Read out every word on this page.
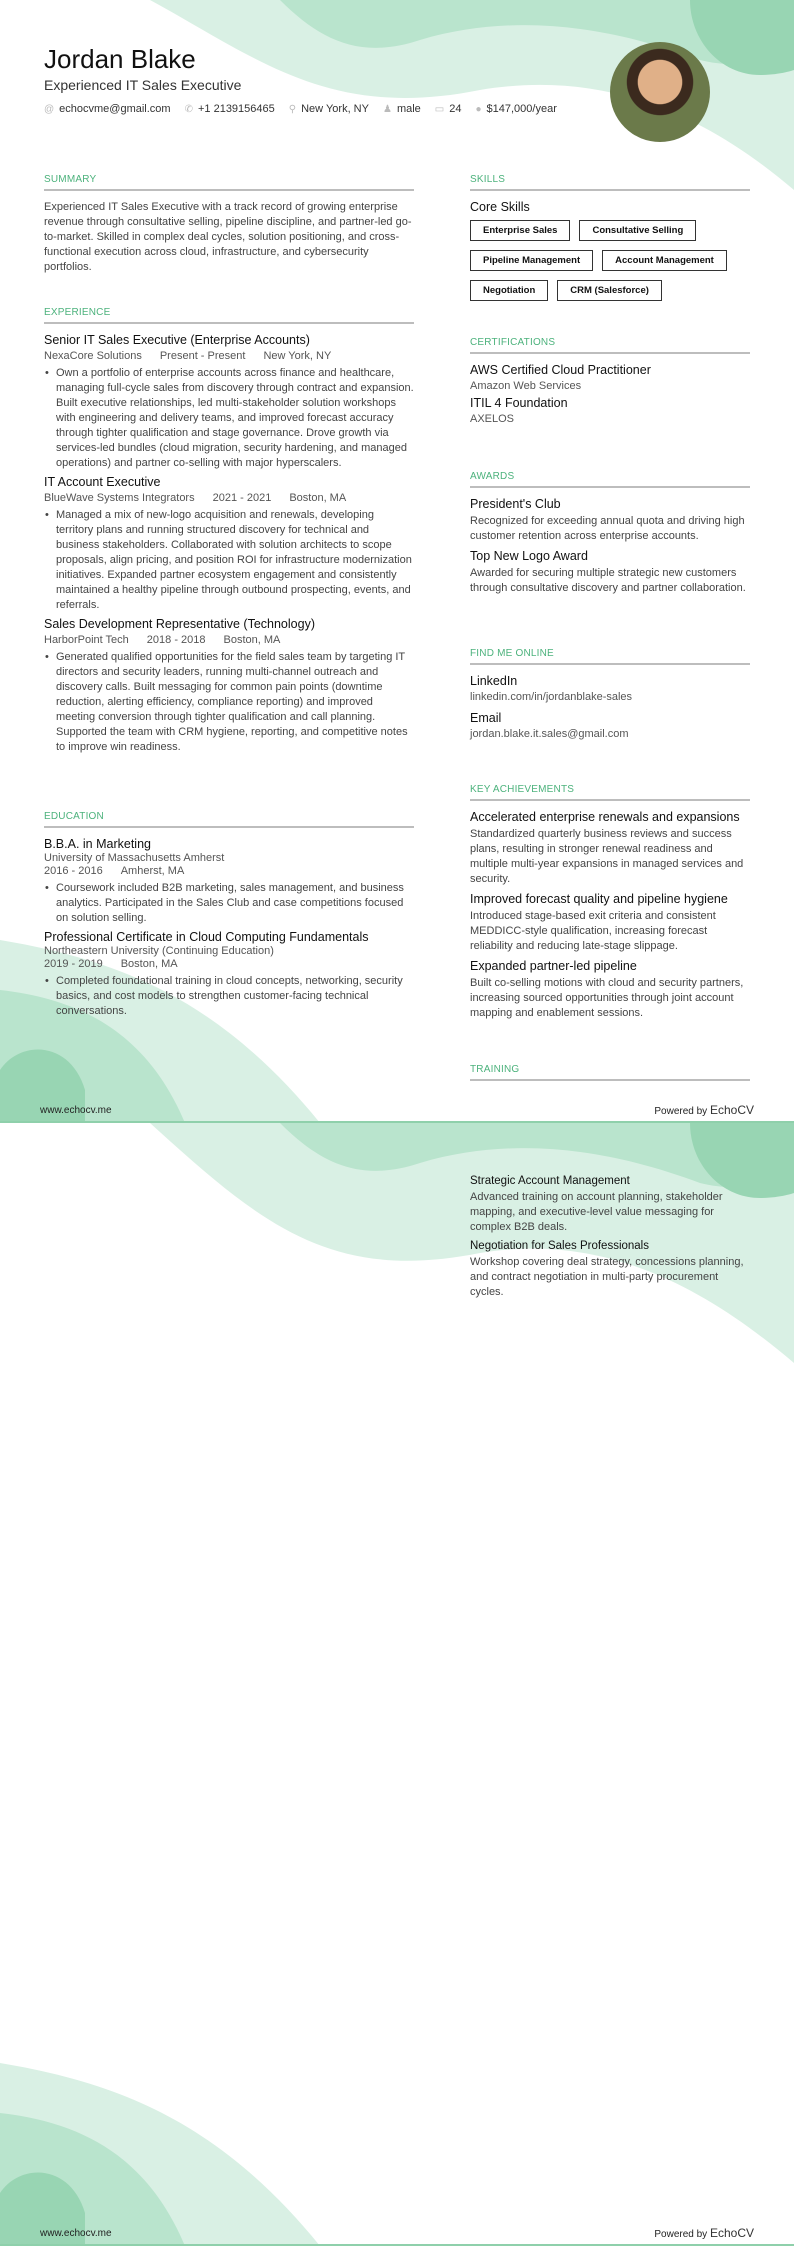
Jordan Blake
Experienced IT Sales Executive
@ echocvme@gmail.com ✆ +1 2139156465 ⚲ New York, NY ♟ male ▭ 24 ● $147,000/year
SUMMARY
Experienced IT Sales Executive with a track record of growing enterprise revenue through consultative selling, pipeline discipline, and partner-led go-to-market. Skilled in complex deal cycles, solution positioning, and cross-functional execution across cloud, infrastructure, and cybersecurity portfolios.
EXPERIENCE
Senior IT Sales Executive (Enterprise Accounts)
NexaCore Solutions Present - Present New York, NY
• Own a portfolio of enterprise accounts across finance and healthcare, managing full-cycle sales from discovery through contract and expansion. Built executive relationships, led multi-stakeholder solution workshops with engineering and delivery teams, and improved forecast accuracy through tighter qualification and stage governance. Drove growth via services-led bundles (cloud migration, security hardening, and managed operations) and partner co-selling with major hyperscalers.
IT Account Executive
BlueWave Systems Integrators 2021 - 2021 Boston, MA
• Managed a mix of new-logo acquisition and renewals, developing territory plans and running structured discovery for technical and business stakeholders. Collaborated with solution architects to scope proposals, align pricing, and position ROI for infrastructure modernization initiatives. Expanded partner ecosystem engagement and consistently maintained a healthy pipeline through outbound prospecting, events, and referrals.
Sales Development Representative (Technology)
HarborPoint Tech 2018 - 2018 Boston, MA
• Generated qualified opportunities for the field sales team by targeting IT directors and security leaders, running multi-channel outreach and discovery calls. Built messaging for common pain points (downtime reduction, alerting efficiency, compliance reporting) and improved meeting conversion through tighter qualification and call planning. Supported the team with CRM hygiene, reporting, and competitive notes to improve win readiness.
EDUCATION
B.B.A. in Marketing
University of Massachusetts Amherst
2016 - 2016 Amherst, MA
• Coursework included B2B marketing, sales management, and business analytics. Participated in the Sales Club and case competitions focused on solution selling.
Professional Certificate in Cloud Computing Fundamentals
Northeastern University (Continuing Education)
2019 - 2019 Boston, MA
• Completed foundational training in cloud concepts, networking, security basics, and cost models to strengthen customer-facing technical conversations.
SKILLS
Core Skills
Enterprise Sales	Consultative Selling
Pipeline Management	Account Management
Negotiation	CRM (Salesforce)
CERTIFICATIONS
AWS Certified Cloud Practitioner
Amazon Web Services
ITIL 4 Foundation
AXELOS
AWARDS
President's Club
Recognized for exceeding annual quota and driving high customer retention across enterprise accounts.
Top New Logo Award
Awarded for securing multiple strategic new customers through consultative discovery and partner collaboration.
FIND ME ONLINE
LinkedIn
linkedin.com/in/jordanblake-sales
Email
jordan.blake.it.sales@gmail.com
KEY ACHIEVEMENTS
Accelerated enterprise renewals and expansions
Standardized quarterly business reviews and success plans, resulting in stronger renewal readiness and multiple multi-year expansions in managed services and security.
Improved forecast quality and pipeline hygiene
Introduced stage-based exit criteria and consistent MEDDICC-style qualification, increasing forecast reliability and reducing late-stage slippage.
Expanded partner-led pipeline
Built co-selling motions with cloud and security partners, increasing sourced opportunities through joint account mapping and enablement sessions.
TRAINING
www.echocv.me	Powered by EchoCV
Strategic Account Management
Advanced training on account planning, stakeholder mapping, and executive-level value messaging for complex B2B deals.
Negotiation for Sales Professionals
Workshop covering deal strategy, concessions planning, and contract negotiation in multi-party procurement cycles.
www.echocv.me	Powered by EchoCV
